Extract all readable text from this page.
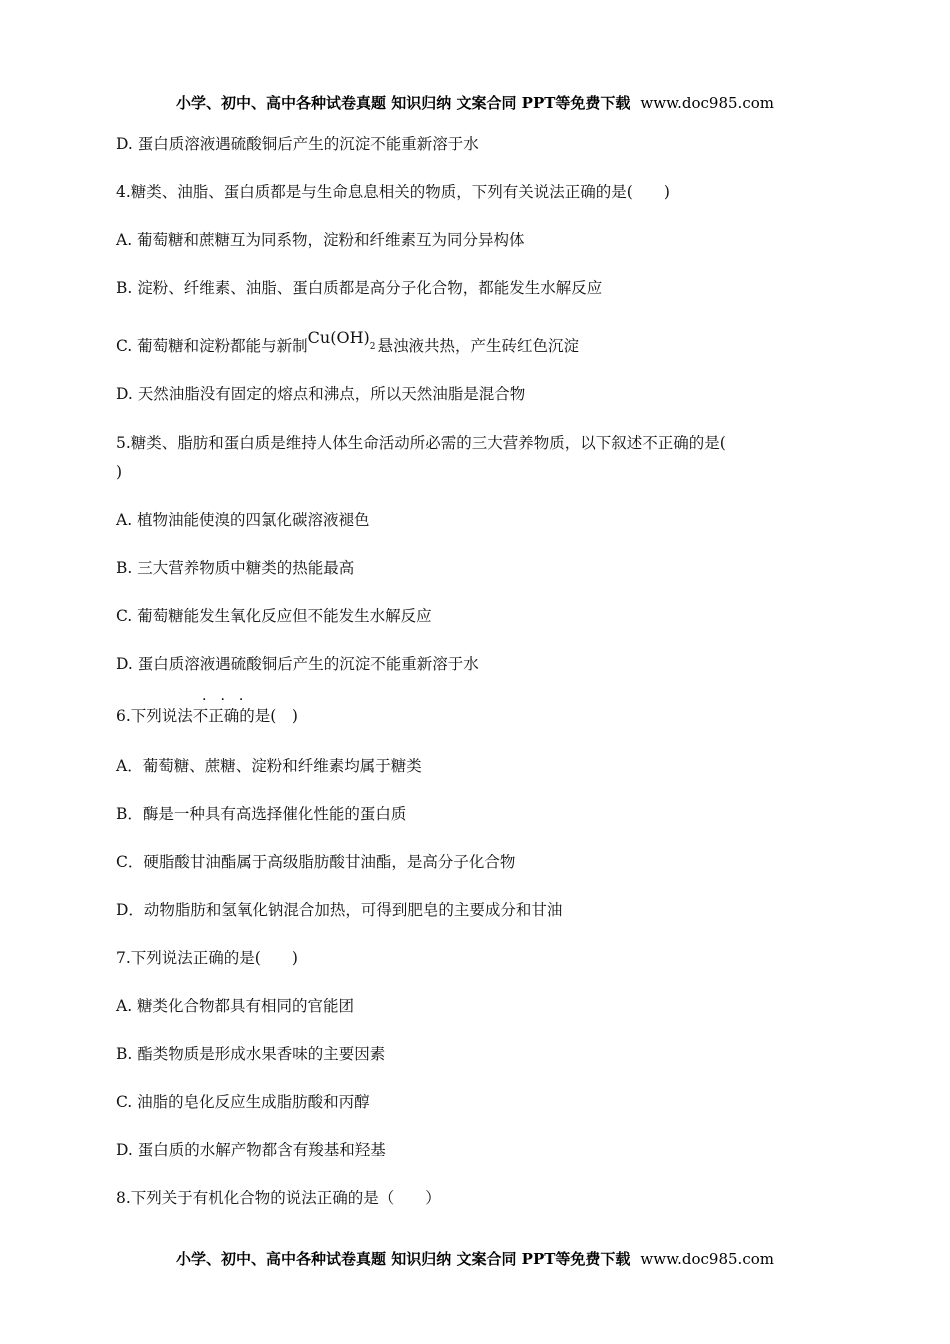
小学、初中、高中各种试卷真题 知识归纳 文案合同 PPT等免费下载 www.doc985.com
D. 蛋白质溶液遇硫酸铜后产生的沉淀不能重新溶于水
4.糖类、油脂、蛋白质都是与生命息息相关的物质，下列有关说法正确的是(　　)
A. 葡萄糖和蔗糖互为同系物，淀粉和纤维素互为同分异构体
B. 淀粉、纤维素、油脂、蛋白质都是高分子化合物，都能发生水解反应
C. 葡萄糖和淀粉都能与新制Cu(OH)2 悬浊液共热，产生砖红色沉淀
D. 天然油脂没有固定的熔点和沸点，所以天然油脂是混合物
5.糖类、脂肪和蛋白质是维持人体生命活动所必需的三大营养物质，以下叙述不正确的是(
)
A. 植物油能使溴的四氯化碳溶液褪色
B. 三大营养物质中糖类的热能最高
C. 葡萄糖能发生氧化反应但不能发生水解反应
D. 蛋白质溶液遇硫酸铜后产生的沉淀不能重新溶于水
...
6.下列说法不正确的是(　)
A．葡萄糖、蔗糖、淀粉和纤维素均属于糖类
B．酶是一种具有高选择催化性能的蛋白质
C．硬脂酸甘油酯属于高级脂肪酸甘油酯，是高分子化合物
D．动物脂肪和氢氧化钠混合加热，可得到肥皂的主要成分和甘油
7.下列说法正确的是(　　)
A. 糖类化合物都具有相同的官能团
B. 酯类物质是形成水果香味的主要因素
C. 油脂的皂化反应生成脂肪酸和丙醇
D. 蛋白质的水解产物都含有羧基和羟基
8.下列关于有机化合物的说法正确的是（　　）
小学、初中、高中各种试卷真题 知识归纳 文案合同 PPT等免费下载 www.doc985.com
